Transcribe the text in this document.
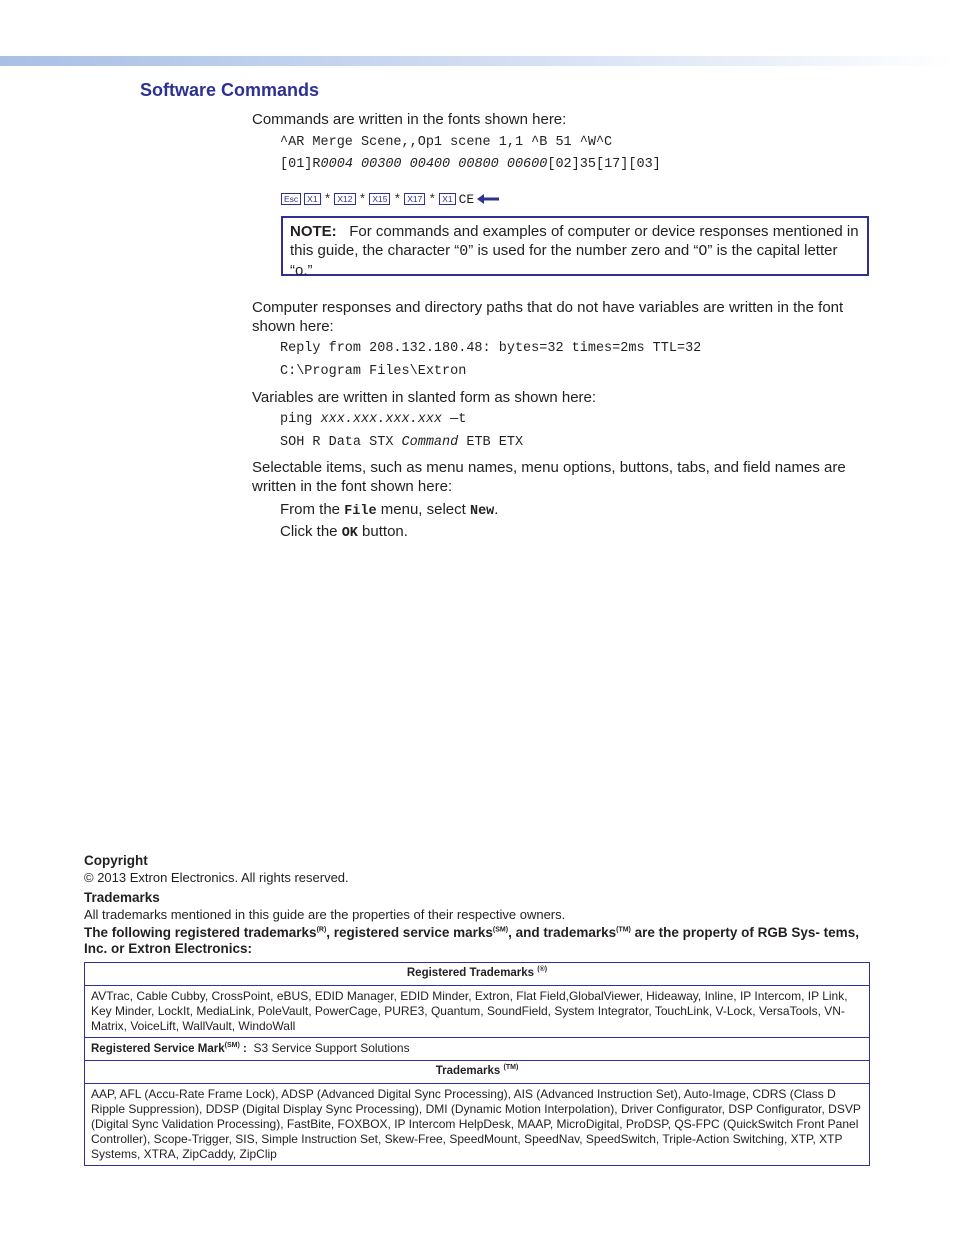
Software Commands

Commands are written in the fonts shown here:

^AR Merge Scene,,Op1 scene 1,1 ^B 51 ^W^C

[01]R0004 00300 00400 00800 00600[02]35[17][03]

Esc	X1 * X12 * X15 * X17 * X1 CE
NOTE: For commands and examples of computer or device responses mentioned in this guide, the character “0” is used for the number zero and “O” is the capital letter “o.”

Computer responses and directory paths that do not have variables are written in the font shown here:

Reply from 208.132.180.48: bytes=32 times=2ms TTL=32

C:\Program Files\Extron

Variables are written in slanted form as shown here:

ping xxx.xxx.xxx.xxx —t

SOH R Data STX Command ETB ETX

Selectable items, such as menu names, menu options, buttons, tabs, and field names are written in the font shown here:

From the File menu, select New.

Click the OK button.

Copyright

© 2013 Extron Electronics. All rights reserved.

Trademarks

All trademarks mentioned in this guide are the properties of their respective owners.

The following registered trademarks$^{(R)}$, registered service marks$^{(SM)}$, and trademarks$^{(TM)}$ are the property of RGB Sys- tems, Inc. or Extron Electronics:

Registered Trademarks (®)
AVTrac, Cable Cubby, CrossPoint, eBUS, EDID Manager, EDID Minder, Extron, Flat Field,GlobalViewer, Hideaway, Inline, IP Intercom, IP Link, Key Minder, LockIt, MediaLink, PoleVault, PowerCage, PURE3, Quantum, SoundField, System Integrator, TouchLink, V-Lock, VersaTools, VN-Matrix, VoiceLift, WallVault, WindoWall
Registered Service Mark$^{(SM)}$ : S3 Service Support Solutions
Trademarks $^{(TM)}$
AAP, AFL (Accu-Rate Frame Lock), ADSP (Advanced Digital Sync Processing), AIS (Advanced Instruction Set), Auto-Image, CDRS (Class D Ripple Suppression), DDSP (Digital Display Sync Processing), DMI (Dynamic Motion Interpolation), Driver Configurator, DSP Configurator, DSVP (Digital Sync Validation Processing), FastBite, FOXBOX, IP Intercom HelpDesk, MAAP, MicroDigital, ProDSP, QS-FPC (QuickSwitch Front Panel Controller), Scope-Trigger, SIS, Simple Instruction Set, Skew-Free, SpeedMount, SpeedNav, SpeedSwitch, Triple-Action Switching, XTP, XTP Systems, XTRA, ZipCaddy, ZipClip
